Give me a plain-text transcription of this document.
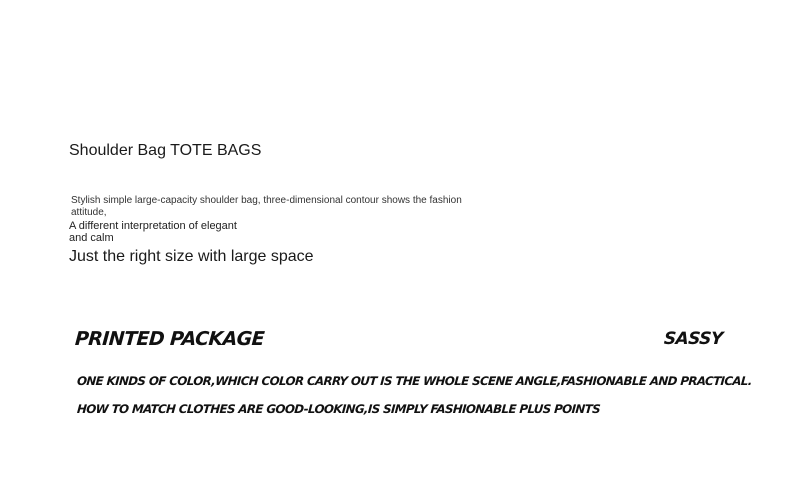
Shoulder Bag TOTE BAGS
Stylish simple large-capacity shoulder bag, three-dimensional contour shows the fashion attitude,
A different interpretation of elegant and calm
Just the right size with large space
PRINTED PACKAGE	SASSY
ONE KINDS OF COLOR,WHICH COLOR CARRY OUT IS THE WHOLE SCENE ANGLE,FASHIONABLE AND PRACTICAL.
HOW TO MATCH CLOTHES ARE GOOD-LOOKING,IS SIMPLY FASHIONABLE PLUS POINTS
